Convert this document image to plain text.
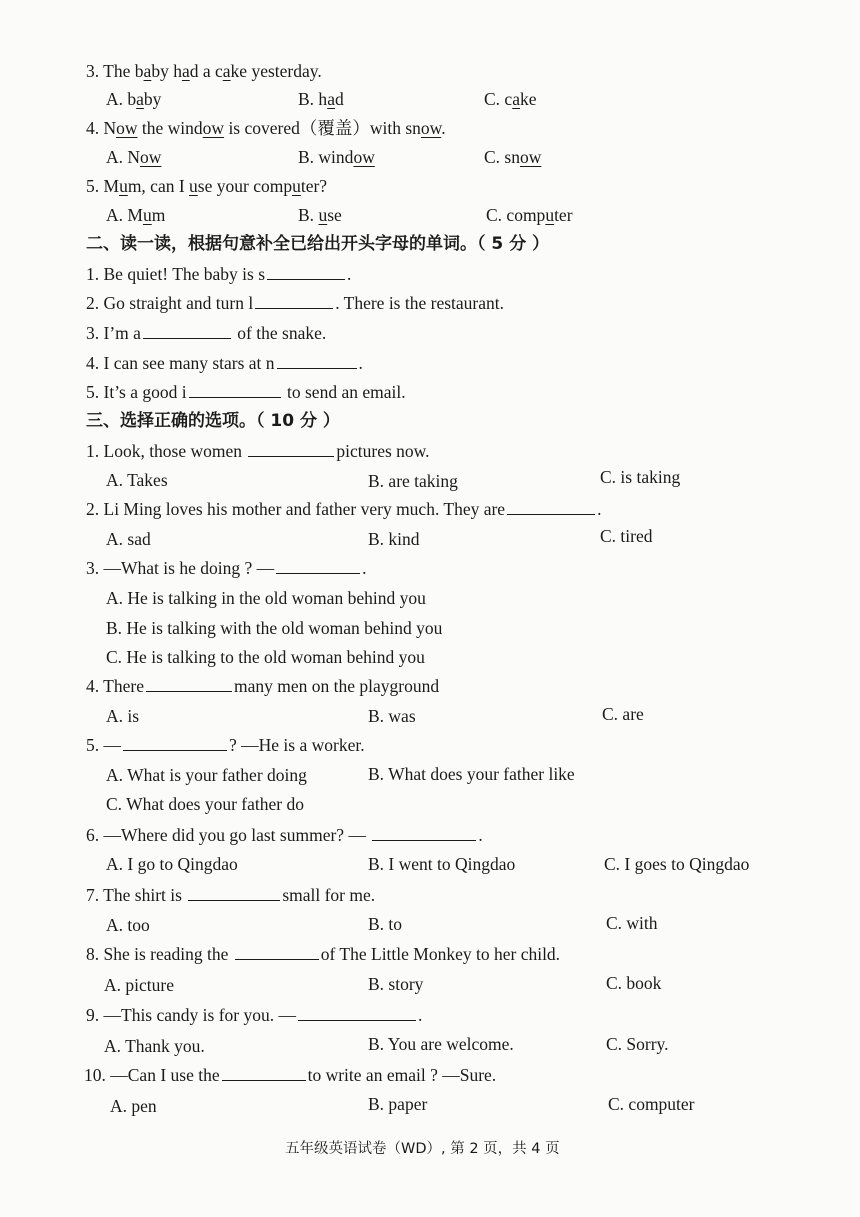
3. The baby had a cake yesterday.
A. baby	B. had	C. cake
4. Now the window is covered（覆盖）with snow.
A. Now	B. window	C. snow
5. Mum, can I use your computer?
A. Mum	B. use	C. computer
二、读一读，根据句意补全已给出开头字母的单词。（ 5 分 ）
1. Be quiet! The baby is s	.
2. Go straight and turn l	. There is the restaurant.
3. I’m a	of the snake.
4. I can see many stars at n	.
5. It’s a good i	to send an email.
三、选择正确的选项。（ 10 分 ）
1. Look, those women	pictures now.
A. Takes	B. are taking	C. is taking
2. Li Ming loves his mother and father very much. They are	.
A. sad	B. kind	C. tired
3. —What is he doing ? —	.
A. He is talking in the old woman behind you
B. He is talking with the old woman behind you
C. He is talking to the old woman behind you
4. There	many men on the playground
A. is	B. was	C. are
5. —	? —He is a worker.
A. What is your father doing	B. What does your father like
C. What does your father do
6. —Where did you go last summer? —	.
A. I go to Qingdao	B. I went to Qingdao	C. I goes to Qingdao
7. The shirt is	small for me.
A. too	B. to	C. with
8. She is reading the	of The Little Monkey to her child.
A. picture	B. story	C. book
9. —This candy is for you. —	.
A. Thank you.	B. You are welcome.	C. Sorry.
10. —Can I use the	to write an email ? —Sure.
A. pen	B. paper	C. computer
五年级英语试卷（WD）, 第 2 页，共 4 页
